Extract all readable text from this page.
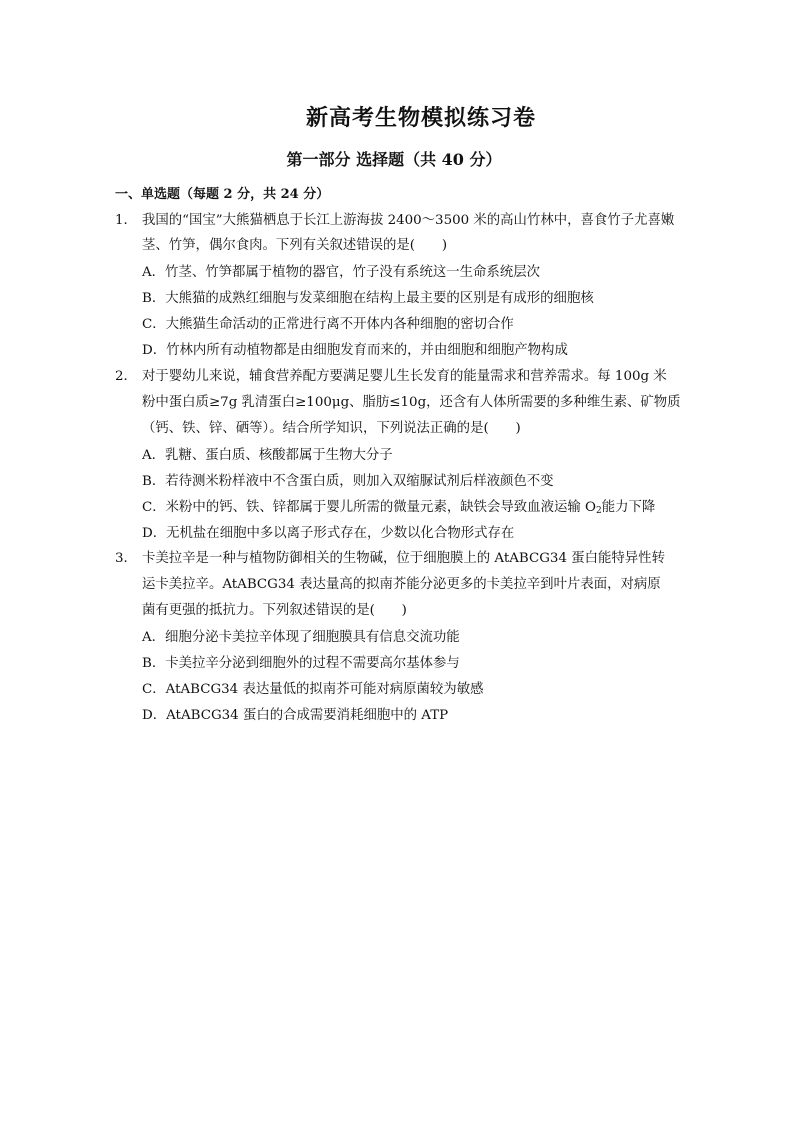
新高考生物模拟练习卷
第一部分 选择题（共 40 分）
一、单选题（每题 2 分，共 24 分）
1． 我国的“国宝”大熊猫栖息于长江上游海拔 2400～3500 米的高山竹林中，喜食竹子尤喜嫩
茎、竹笋，偶尔食肉。下列有关叙述错误的是(　　)
A．竹茎、竹笋都属于植物的器官，竹子没有系统这一生命系统层次
B．大熊猫的成熟红细胞与发菜细胞在结构上最主要的区别是有成形的细胞核
C．大熊猫生命活动的正常进行离不开体内各种细胞的密切合作
D．竹林内所有动植物都是由细胞发育而来的，并由细胞和细胞产物构成
2． 对于婴幼儿来说，辅食营养配方要满足婴儿生长发育的能量需求和营养需求。每 100g 米
粉中蛋白质≥7g 乳清蛋白≥100μg、脂肪≤10g，还含有人体所需要的多种维生素、矿物质
（钙、铁、锌、硒等）。结合所学知识，下列说法正确的是(　　)
A．乳糖、蛋白质、核酸都属于生物大分子
B．若待测米粉样液中不含蛋白质，则加入双缩脲试剂后样液颜色不变
C．米粉中的钙、铁、锌都属于婴儿所需的微量元素，缺铁会导致血液运输 $O_2$能力下降
D．无机盐在细胞中多以离子形式存在，少数以化合物形式存在
3． 卡美拉辛是一种与植物防御相关的生物碱，位于细胞膜上的 AtABCG34 蛋白能特异性转
运卡美拉辛。AtABCG34 表达量高的拟南芥能分泌更多的卡美拉辛到叶片表面，对病原
菌有更强的抵抗力。下列叙述错误的是(　　)
A．细胞分泌卡美拉辛体现了细胞膜具有信息交流功能
B．卡美拉辛分泌到细胞外的过程不需要高尔基体参与
C．AtABCG34 表达量低的拟南芥可能对病原菌较为敏感
D．AtABCG34 蛋白的合成需要消耗细胞中的 ATP
